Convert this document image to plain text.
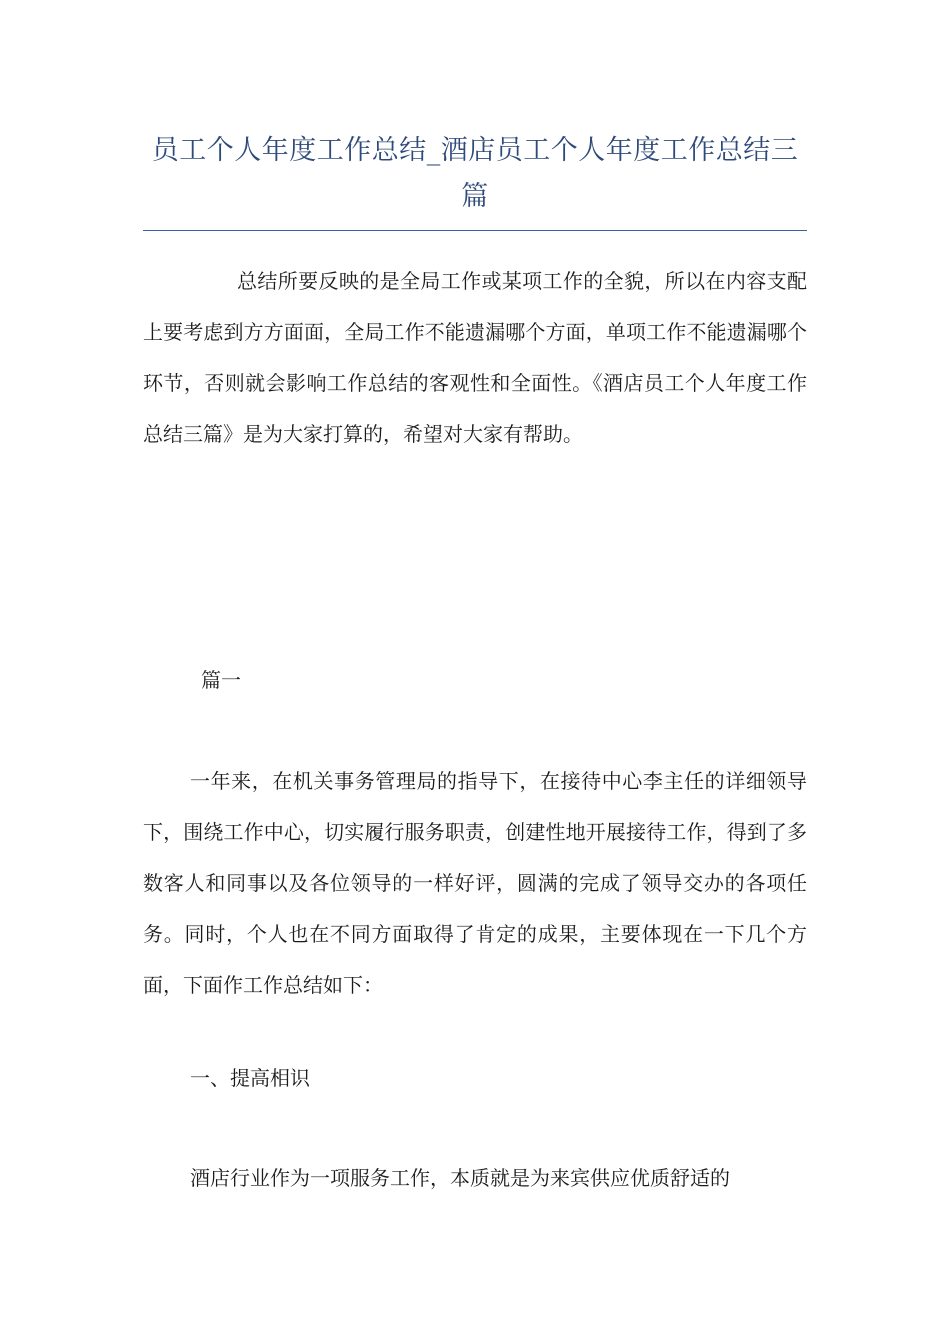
员工个人年度工作总结_酒店员工个人年度工作总结三篇
总结所要反映的是全局工作或某项工作的全貌，所以在内容支配上要考虑到方方面面，全局工作不能遗漏哪个方面，单项工作不能遗漏哪个环节，否则就会影响工作总结的客观性和全面性。《酒店员工个人年度工作总结三篇》是为大家打算的，希望对大家有帮助。
篇一
一年来，在机关事务管理局的指导下，在接待中心李主任的详细领导下，围绕工作中心，切实履行服务职责，创建性地开展接待工作，得到了多数客人和同事以及各位领导的一样好评，圆满的完成了领导交办的各项任务。同时，个人也在不同方面取得了肯定的成果，主要体现在一下几个方面，下面作工作总结如下：
一、提高相识
酒店行业作为一项服务工作，本质就是为来宾供应优质舒适的
